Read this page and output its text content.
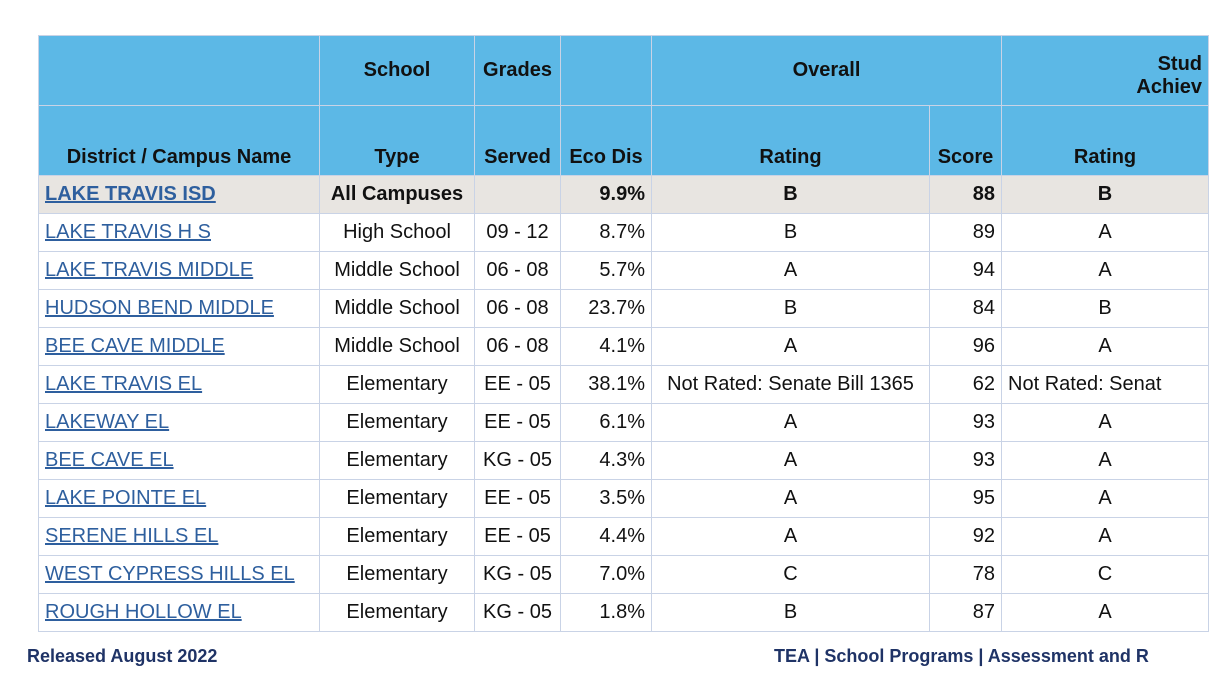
	School	Grades		Overall		Stud
Achiev

District / Campus Name	Type	Served	Eco Dis	Rating	Score	Rating
LAKE TRAVIS ISD	All Campuses		9.9%	B	88	B
LAKE TRAVIS H S	High School	09 - 12	8.7%	B	89	A
LAKE TRAVIS MIDDLE	Middle School	06 - 08	5.7%	A	94	A
HUDSON BEND MIDDLE	Middle School	06 - 08	23.7%	B	84	B
BEE CAVE MIDDLE	Middle School	06 - 08	4.1%	A	96	A
LAKE TRAVIS EL	Elementary	EE - 05	38.1%	Not Rated: Senate Bill 1365	62	Not Rated: Senat
LAKEWAY EL	Elementary	EE - 05	6.1%	A	93	A
BEE CAVE EL	Elementary	KG - 05	4.3%	A	93	A
LAKE POINTE EL	Elementary	EE - 05	3.5%	A	95	A
SERENE HILLS EL	Elementary	EE - 05	4.4%	A	92	A
WEST CYPRESS HILLS EL	Elementary	KG - 05	7.0%	C	78	C
ROUGH HOLLOW EL	Elementary	KG - 05	1.8%	B	87	A
Released August 2022	TEA | School Programs | Assessment and R
